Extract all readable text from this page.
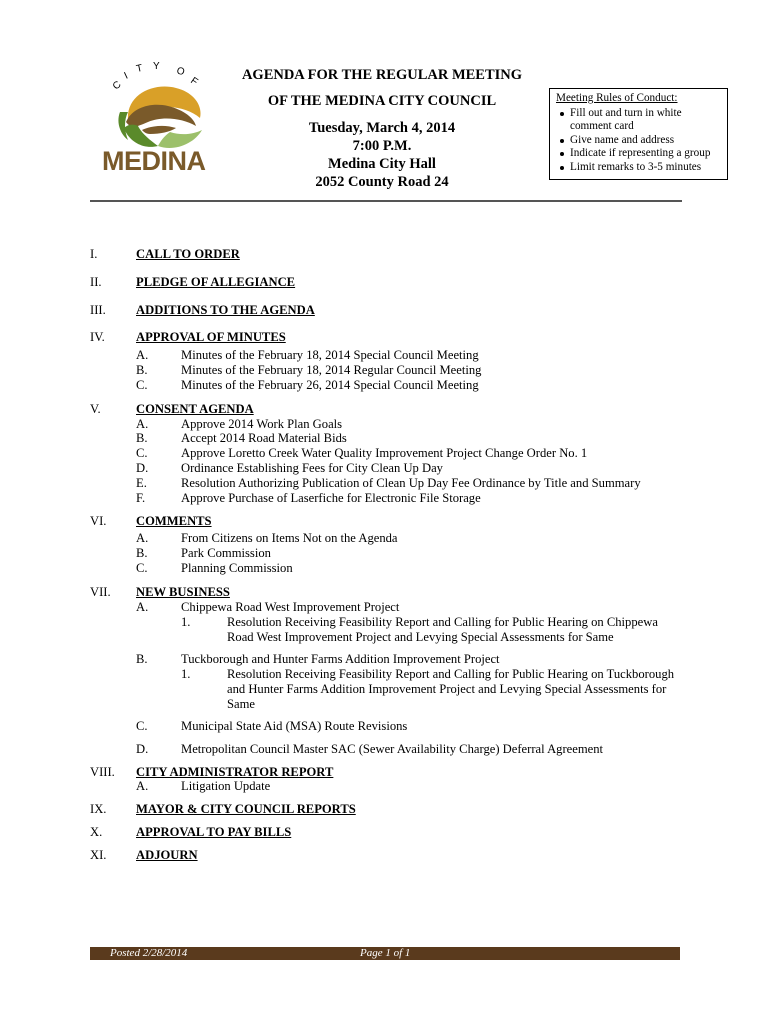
C
I
T Y O
F
MEDINA
AGENDA FOR THE REGULAR MEETING
OF THE MEDINA CITY COUNCIL
Tuesday, March 4, 2014
7:00 P.M.
Medina City Hall
2052 County Road 24
Meeting Rules of Conduct:
Fill out and turn in white
comment card
Give name and address
Indicate if representing a group
Limit remarks to 3-5 minutes
I.	CALL TO ORDER
II.	PLEDGE OF ALLEGIANCE
III. ADDITIONS TO THE AGENDA
IV. APPROVAL OF MINUTES
A.	Minutes of the February 18, 2014 Special Council Meeting
B.	Minutes of the February 18, 2014 Regular Council Meeting
C.	Minutes of the February 26, 2014 Special Council Meeting
V.	CONSENT AGENDA
A.	Approve 2014 Work Plan Goals
B.	Accept 2014 Road Material Bids
C.	Approve Loretto Creek Water Quality Improvement Project Change Order No. 1
D.	Ordinance Establishing Fees for City Clean Up Day
E.	Resolution Authorizing Publication of Clean Up Day Fee Ordinance by Title and Summary
F.	Approve Purchase of Laserfiche for Electronic File Storage
VI. COMMENTS
A.	From Citizens on Items Not on the Agenda
B.	Park Commission
C.	Planning Commission
VII. NEW BUSINESS
A.	Chippewa Road West Improvement Project
1.	Resolution Receiving Feasibility Report and Calling for Public Hearing on Chippewa
Road West Improvement Project and Levying Special Assessments for Same
B.	Tuckborough and Hunter Farms Addition Improvement Project
1.	Resolution Receiving Feasibility Report and Calling for Public Hearing on Tuckborough
and Hunter Farms Addition Improvement Project and Levying Special Assessments for
Same
C.	Municipal State Aid (MSA) Route Revisions
D.	Metropolitan Council Master SAC (Sewer Availability Charge) Deferral Agreement
VIII. CITY ADMINISTRATOR REPORT
A.	Litigation Update
IX. MAYOR & CITY COUNCIL REPORTS
X.	APPROVAL TO PAY BILLS
XI. ADJOURN
Posted 2/28/2014	Page 1 of 1
